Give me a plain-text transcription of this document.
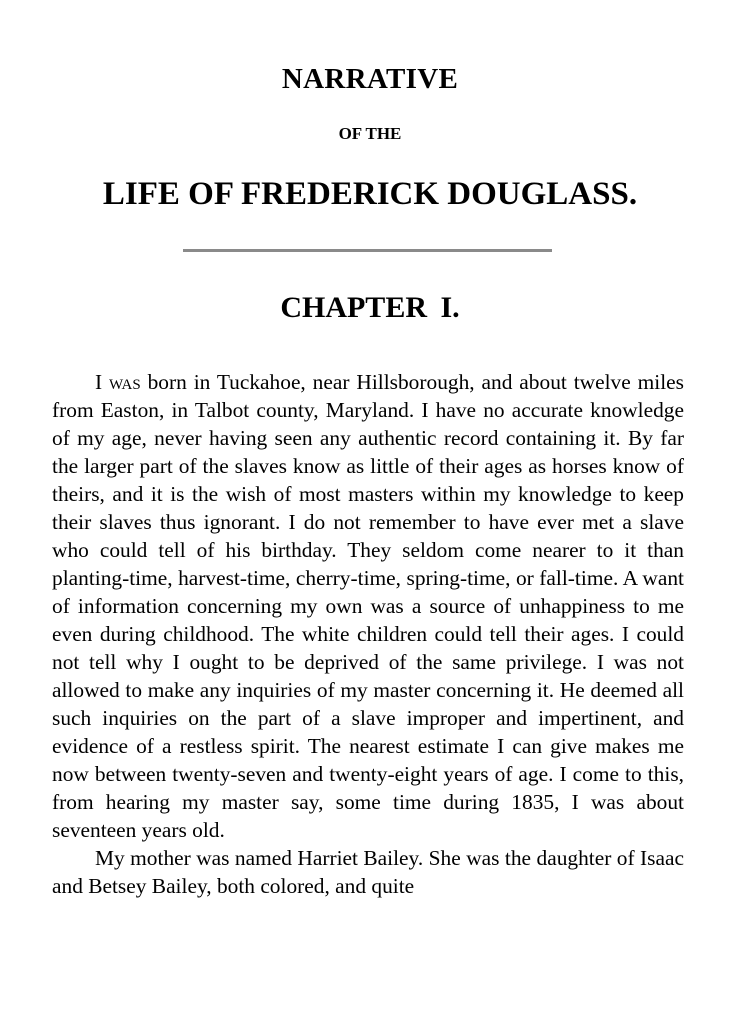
NARRATIVE
OF THE
LIFE OF FREDERICK DOUGLASS.
CHAPTER I.

I was born in Tuckahoe, near Hillsborough, and about twelve miles from Easton, in Talbot county, Maryland. I have no accurate knowledge of my age, never having seen any authentic record containing it. By far the larger part of the slaves know as little of their ages as horses know of theirs, and it is the wish of most masters within my knowledge to keep their slaves thus ignorant. I do not remember to have ever met a slave who could tell of his birthday. They seldom come nearer to it than planting-time, harvest-time, cherry-time, spring-time, or fall-time. A want of information concerning my own was a source of unhappiness to me even during childhood. The white children could tell their ages. I could not tell why I ought to be deprived of the same privilege. I was not allowed to make any inquiries of my master concerning it. He deemed all such inquiries on the part of a slave improper and impertinent, and evidence of a restless spirit. The nearest estimate I can give makes me now between twenty-seven and twenty-eight years of age. I come to this, from hearing my master say, some time during 1835, I was about seventeen years old.

My mother was named Harriet Bailey. She was the daughter of Isaac and Betsey Bailey, both colored, and quite
